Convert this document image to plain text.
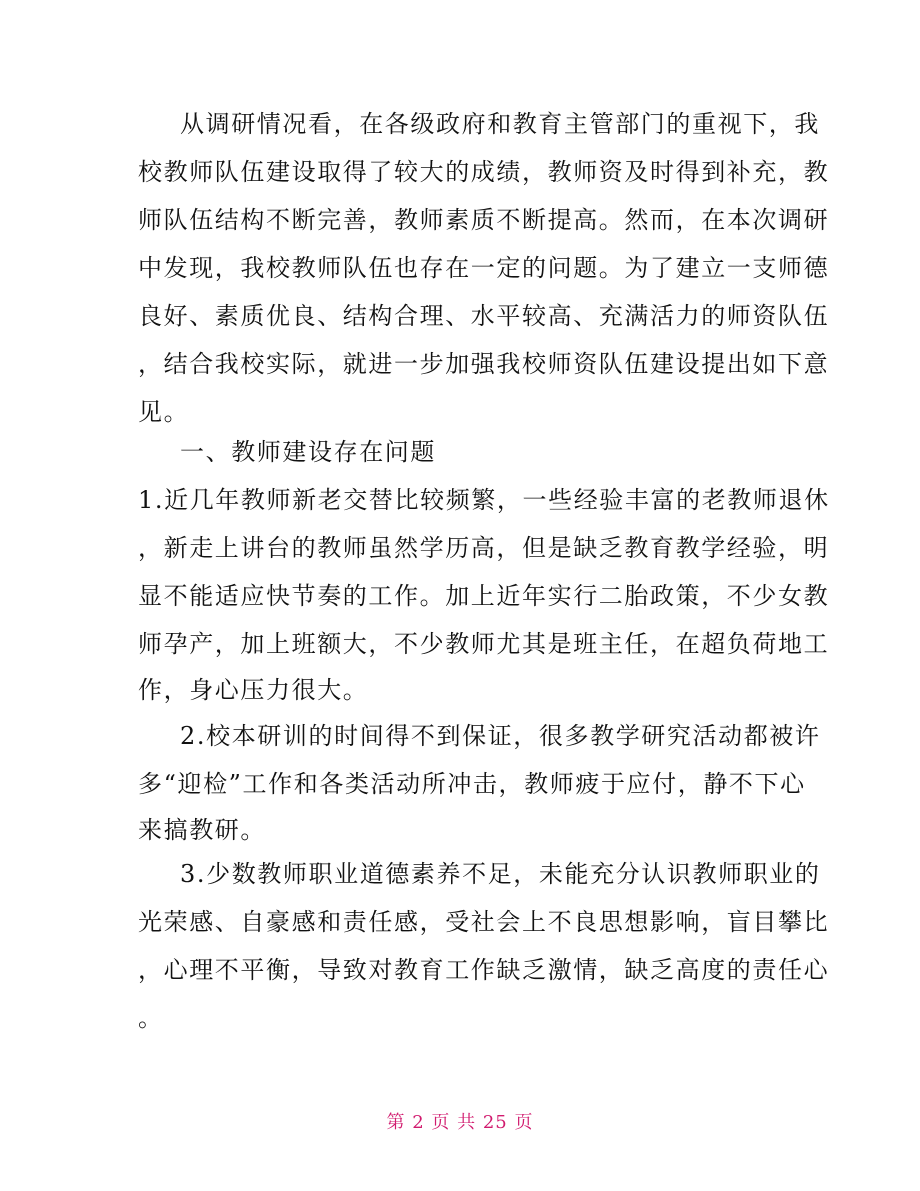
从调研情况看，在各级政府和教育主管部门的重视下，我
校教师队伍建设取得了较大的成绩，教师资及时得到补充，教
师队伍结构不断完善，教师素质不断提高。然而，在本次调研
中发现，我校教师队伍也存在一定的问题。为了建立一支师德
良好、素质优良、结构合理、水平较高、充满活力的师资队伍
，结合我校实际，就进一步加强我校师资队伍建设提出如下意
见。
一、教师建设存在问题
1.近几年教师新老交替比较频繁，一些经验丰富的老教师退休
，新走上讲台的教师虽然学历高，但是缺乏教育教学经验，明
显不能适应快节奏的工作。加上近年实行二胎政策，不少女教
师孕产，加上班额大，不少教师尤其是班主任，在超负荷地工
作，身心压力很大。
2.校本研训的时间得不到保证，很多教学研究活动都被许
多“迎检”工作和各类活动所冲击，教师疲于应付，静不下心
来搞教研。
3.少数教师职业道德素养不足，未能充分认识教师职业的
光荣感、自豪感和责任感，受社会上不良思想影响，盲目攀比
，心理不平衡，导致对教育工作缺乏激情，缺乏高度的责任心
。
第 2 页 共 25 页
